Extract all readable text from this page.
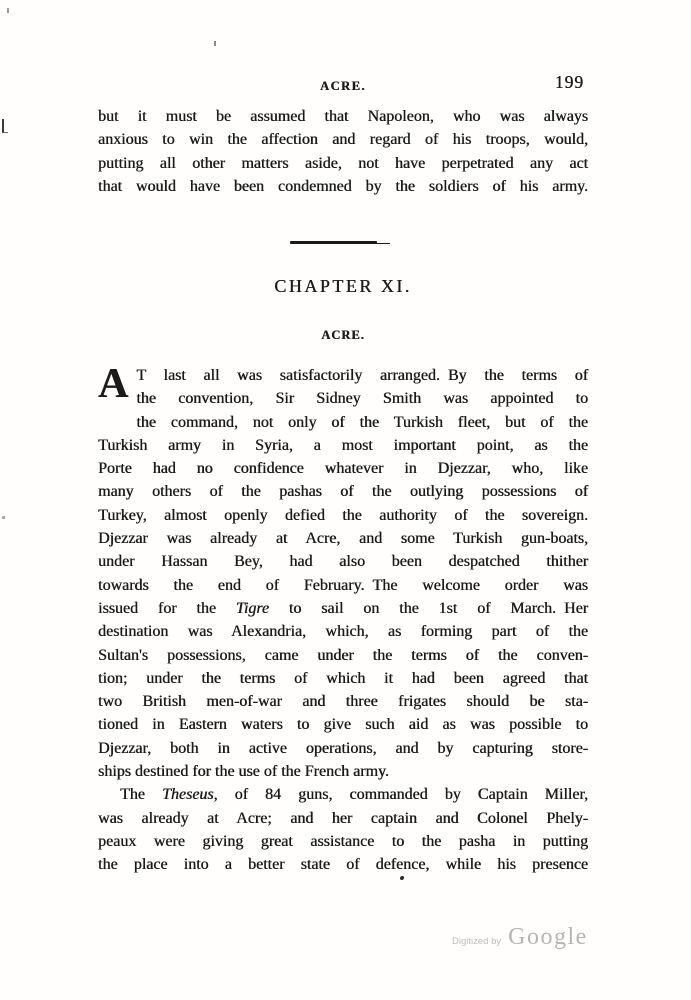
ACRE.	199
but it must be assumed that Napoleon, who was always
anxious to win the affection and regard of his troops, would,
putting all other matters aside, not have perpetrated any act
that would have been condemned by the soldiers of his army.
CHAPTER XI.
ACRE.
A T last all was satisfactorily arranged. By the terms of
the convention, Sir Sidney Smith was appointed to
the command, not only of the Turkish fleet, but of the
Turkish army in Syria, a most important point, as the
Porte had no confidence whatever in Djezzar, who, like
many others of the pashas of the outlying possessions of
Turkey, almost openly defied the authority of the sovereign.
Djezzar was already at Acre, and some Turkish gun-boats,
under Hassan Bey, had also been despatched thither
towards the end of February. The welcome order was
issued for the Tigre to sail on the 1st of March. Her
destination was Alexandria, which, as forming part of the
Sultan's possessions, came under the terms of the conven-
tion; under the terms of which it had been agreed that
two British men-of-war and three frigates should be sta-
tioned in Eastern waters to give such aid as was possible to
Djezzar, both in active operations, and by capturing store-
ships destined for the use of the French army.
The Theseus, of 84 guns, commanded by Captain Miller,
was already at Acre; and her captain and Colonel Phely-
peaux were giving great assistance to the pasha in putting
the place into a better state of defence, while his presence
Digitized by Google
